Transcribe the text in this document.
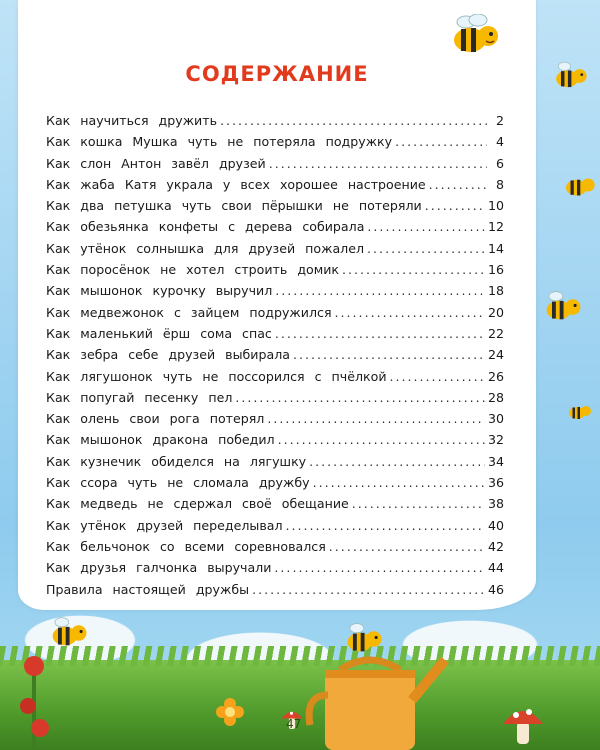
СОДЕРЖАНИЕ
Как научиться дружить . . .	2
Как кошка Мушка чуть не потеряла подружку . . .	4
Как слон Антон завёл друзей . . .	6
Как жаба Катя украла у всех хорошее настроение . . .	8
Как два петушка чуть свои пёрышки не потеряли . . .	10
Как обезьянка конфеты с дерева собирала . . .	12
Как утёнок солнышка для друзей пожалел . . .	14
Как поросёнок не хотел строить домик . . .	16
Как мышонок курочку выручил . . .	18
Как медвежонок с зайцем подружился . . .	20
Как маленький ёрш сома спас . . .	22
Как зебра себе друзей выбирала . . .	24
Как лягушонок чуть не поссорился с пчёлкой . . .	26
Как попугай песенку пел . . .	28
Как олень свои рога потерял . . .	30
Как мышонок дракона победил . . .	32
Как кузнечик обиделся на лягушку . . .	34
Как ссора чуть не сломала дружбу . . .	36
Как медведь не сдержал своё обещание . . .	38
Как утёнок друзей переделывал . . .	40
Как бельчонок со всеми соревновался . . .	42
Как друзья галчонка выручали . . .	44
Правила настоящей дружбы . . .	46
47
